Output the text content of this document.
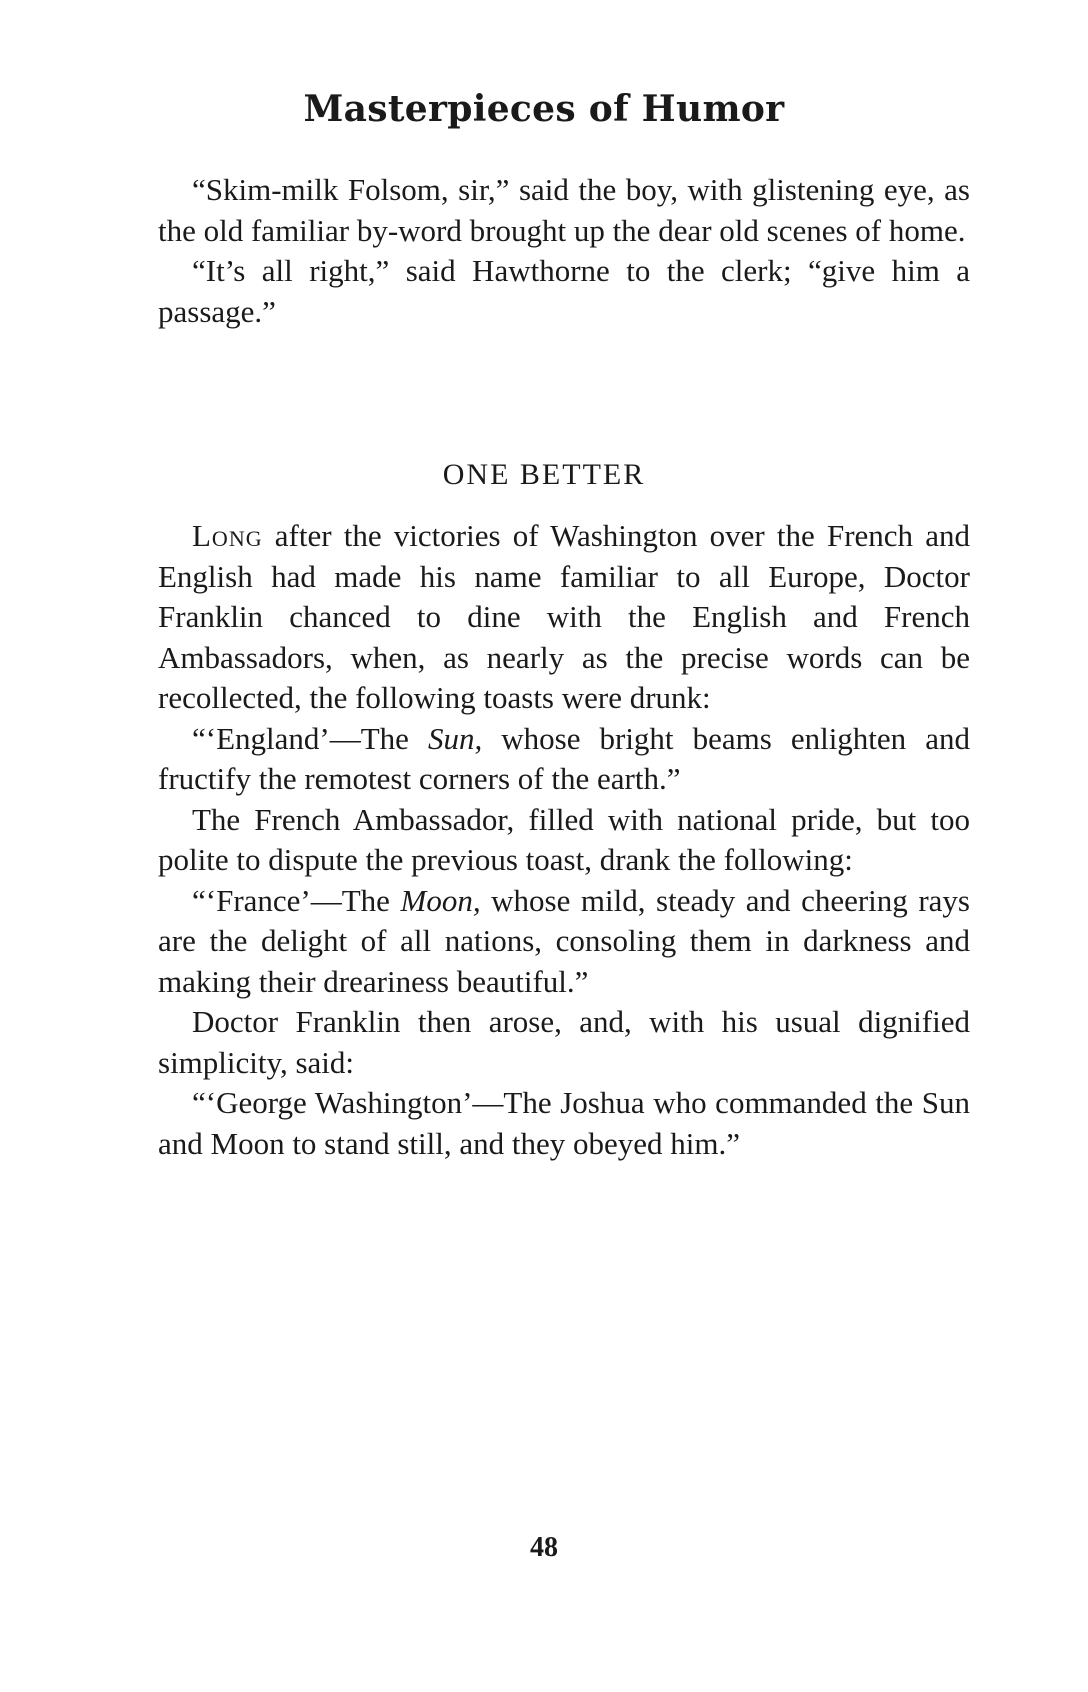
Masterpieces of Humor

“Skim-milk Folsom, sir,” said the boy, with glistening eye, as the old familiar by-word brought up the dear old scenes of home.

“It’s all right,” said Hawthorne to the clerk; “give him a passage.”

ONE BETTER

Long after the victories of Washington over the French and English had made his name familiar to all Europe, Doctor Franklin chanced to dine with the English and French Ambassadors, when, as nearly as the precise words can be recollected, the following toasts were drunk:

“‘England’—The Sun, whose bright beams enlighten and fructify the remotest corners of the earth.”

The French Ambassador, filled with national pride, but too polite to dispute the previous toast, drank the following:

“‘France’—The Moon, whose mild, steady and cheering rays are the delight of all nations, consoling them in darkness and making their dreariness beautiful.”

Doctor Franklin then arose, and, with his usual dignified simplicity, said:

“‘George Washington’—The Joshua who commanded the Sun and Moon to stand still, and they obeyed him.”

48
